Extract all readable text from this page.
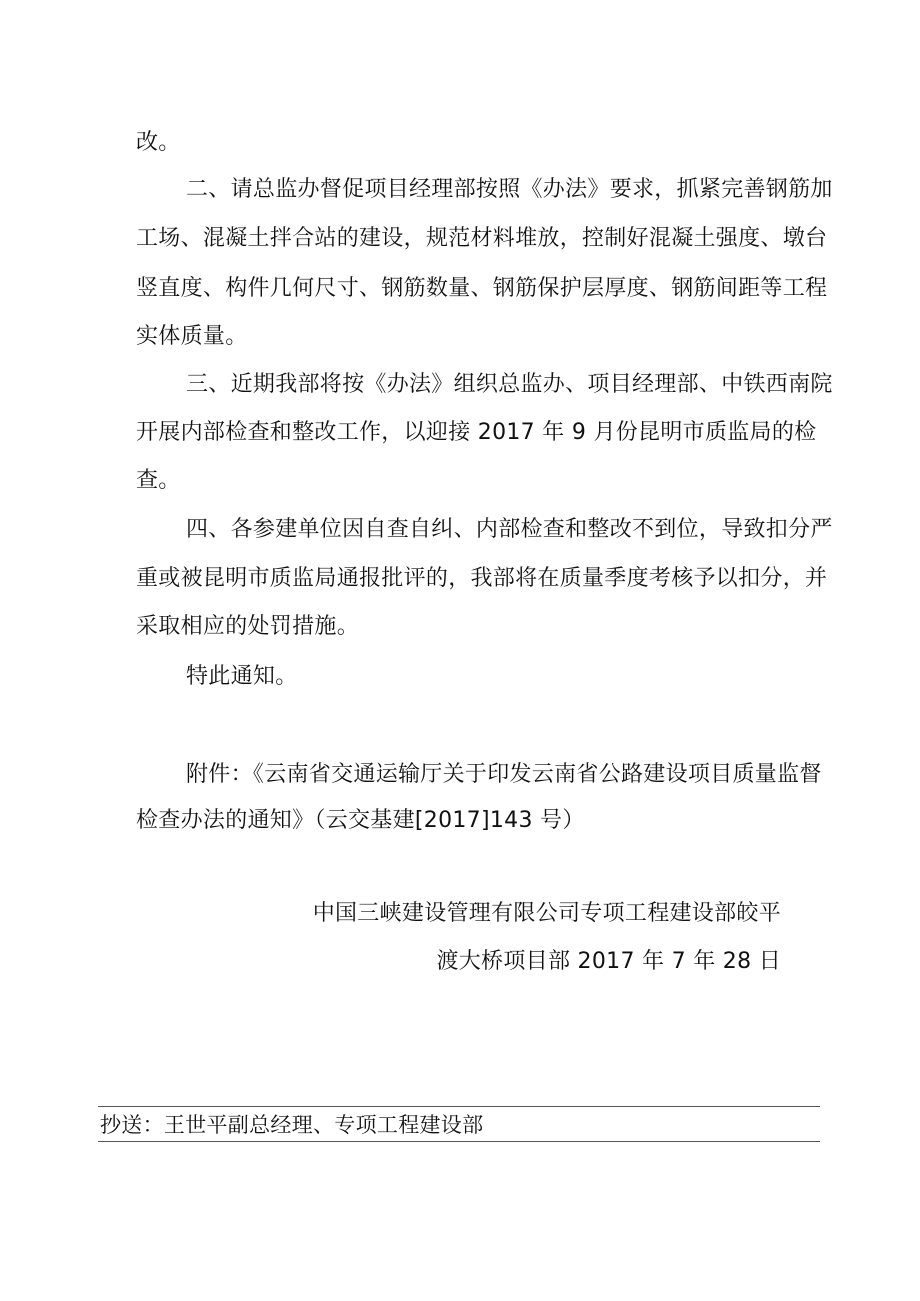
改。
二、请总监办督促项目经理部按照《办法》要求，抓紧完善钢筋加
工场、混凝土拌合站的建设，规范材料堆放，控制好混凝土强度、墩台
竖直度、构件几何尺寸、钢筋数量、钢筋保护层厚度、钢筋间距等工程
实体质量。
三、近期我部将按《办法》组织总监办、项目经理部、中铁西南院
开展内部检查和整改工作，以迎接 2017 年 9 月份昆明市质监局的检
查。
四、各参建单位因自查自纠、内部检查和整改不到位，导致扣分严
重或被昆明市质监局通报批评的，我部将在质量季度考核予以扣分，并
采取相应的处罚措施。
特此通知。
附件：《云南省交通运输厅关于印发云南省公路建设项目质量监督
检查办法的通知》（云交基建[2017]143 号）
中国三峡建设管理有限公司专项工程建设部皎平
渡大桥项目部 2017 年 7 年 28 日
抄送：王世平副总经理、专项工程建设部
